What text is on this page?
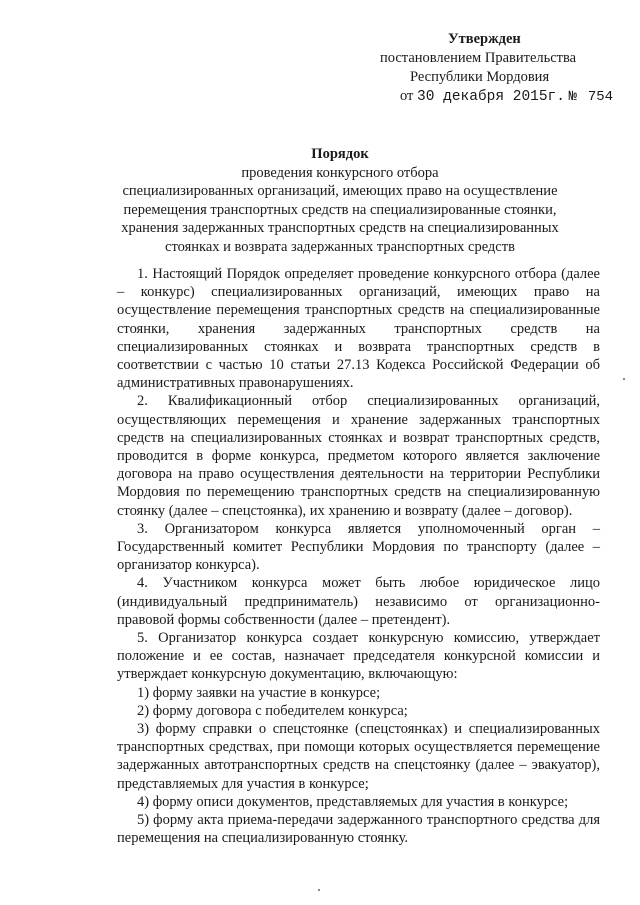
Утвержден
постановлением Правительства
Республики Мордовия
от 30 декабря 2015г. № 754
Порядок
проведения конкурсного отбора
специализированных организаций, имеющих право на осуществление
перемещения транспортных средств на специализированные стоянки,
хранения задержанных транспортных средств на специализированных
стоянках и возврата задержанных транспортных средств

1. Настоящий Порядок определяет проведение конкурсного отбора (далее – конкурс) специализированных организаций, имеющих право на осуществление перемещения транспортных средств на специализированные стоянки, хранения задержанных транспортных средств на специализированных стоянках и возврата транспортных средств в соответствии с частью 10 статьи 27.13 Кодекса Российской Федерации об административных правонарушениях.

2. Квалификационный отбор специализированных организаций, осуществляющих перемещения и хранение задержанных транспортных средств на специализированных стоянках и возврат транспортных средств, проводится в форме конкурса, предметом которого является заключение договора на право осуществления деятельности на территории Республики Мордовия по перемещению транспортных средств на специализированную стоянку (далее – спецстоянка), их хранению и возврату (далее – договор).

3. Организатором конкурса является уполномоченный орган – Государственный комитет Республики Мордовия по транспорту (далее – организатор конкурса).

4. Участником конкурса может быть любое юридическое лицо (индивидуальный предприниматель) независимо от организационно-правовой формы собственности (далее – претендент).

5. Организатор конкурса создает конкурсную комиссию, утверждает положение и ее состав, назначает председателя конкурсной комиссии и утверждает конкурсную документацию, включающую:

1) форму заявки на участие в конкурсе;

2) форму договора с победителем конкурса;

3) форму справки о спецстоянке (спецстоянках) и специализированных транспортных средствах, при помощи которых осуществляется перемещение задержанных автотранспортных средств на спецстоянку (далее – эвакуатор), представляемых для участия в конкурсе;

4) форму описи документов, представляемых для участия в конкурсе;

5) форму акта приема-передачи задержанного транспортного средства для перемещения на специализированную стоянку.
